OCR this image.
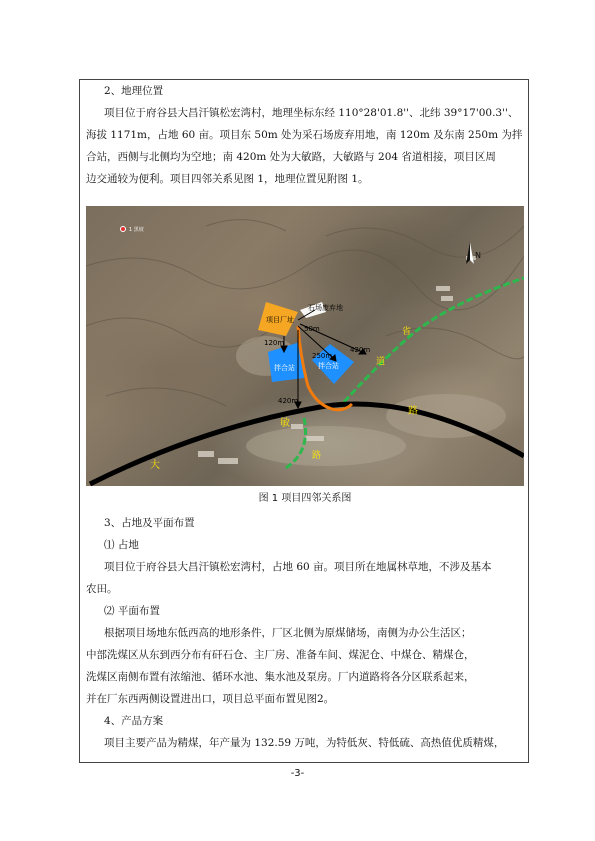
2、地理位置

项目位于府谷县大昌汗镇松宏湾村，地理坐标东经 110°28'01.8''、北纬 39°17'00.3''、

海拔 1171m，占地 60 亩。项目东 50m 处为采石场废弃用地，南 120m 及东南 250m 为拌

合站，西侧与北侧均为空地；南 420m 处为大敏路，大敏路与 204 省道相接，项目区周

边交通较为便利。项目四邻关系见图 1，地理位置见附图 1。

N
1 黑坡
项目厂址
石场废弃地
拌合站	拌合站
50m
120m
250m
420m
420m
大
敏
路
省
道
路
图 1 项目四邻关系图

3、占地及平面布置

⑴ 占地

项目位于府谷县大昌汗镇松宏湾村，占地 60 亩。项目所在地属林草地，不涉及基本

农田。

⑵ 平面布置

根据项目场地东低西高的地形条件，厂区北侧为原煤储场，南侧为办公生活区；

中部洗煤区从东到西分布有矸石仓、主厂房、准备车间、煤泥仓、中煤仓、精煤仓，

洗煤区南侧布置有浓缩池、循环水池、集水池及泵房。厂内道路将各分区联系起来，

并在厂东西两侧设置进出口，项目总平面布置见图2。

4、产品方案

项目主要产品为精煤，年产量为 132.59 万吨，为特低灰、特低硫、高热值优质精煤，

-3-
